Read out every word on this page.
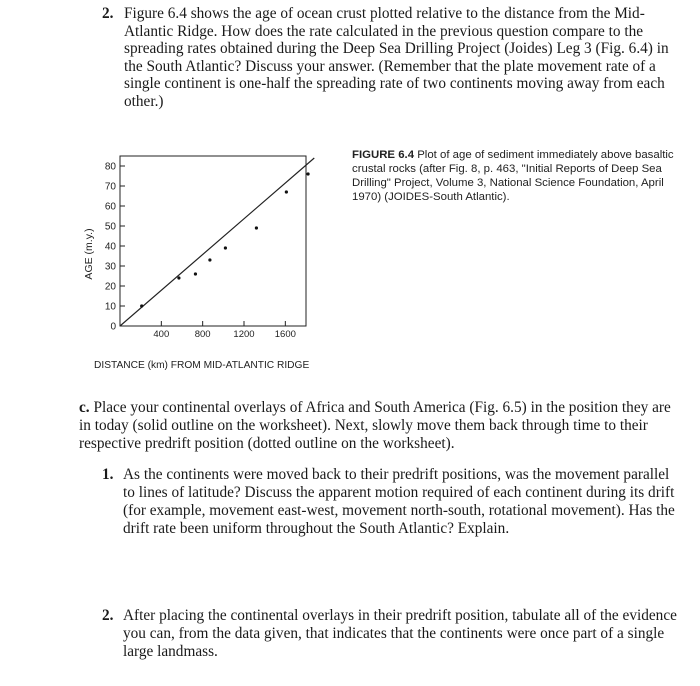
2. Figure 6.4 shows the age of ocean crust plotted relative to the distance from the Mid-Atlantic Ridge. How does the rate calculated in the previous question compare to the spreading rates obtained during the Deep Sea Drilling Project (Joides) Leg 3 (Fig. 6.4) in the South Atlantic? Discuss your answer. (Remember that the plate movement rate of a single continent is one-half the spreading rate of two continents moving away from each other.)
0
10
20
30
40
50
60
70
80
400	800 1200 1600
AGE (m.y.)
DISTANCE (km) FROM MID-ATLANTIC RIDGE
FIGURE 6.4 Plot of age of sediment immediately above basaltic crustal rocks (after Fig. 8, p. 463, "Initial Reports of Deep Sea Drilling" Project, Volume 3, National Science Foundation, April 1970) (JOIDES-South Atlantic).
c. Place your continental overlays of Africa and South America (Fig. 6.5) in the position they are in today (solid outline on the worksheet). Next, slowly move them back through time to their respective predrift position (dotted outline on the worksheet).
1. As the continents were moved back to their predrift positions, was the movement parallel to lines of latitude? Discuss the apparent motion required of each continent during its drift (for example, movement east-west, movement north-south, rotational movement). Has the drift rate been uniform throughout the South Atlantic? Explain.
2. After placing the continental overlays in their predrift position, tabulate all of the evidence you can, from the data given, that indicates that the continents were once part of a single large landmass.
